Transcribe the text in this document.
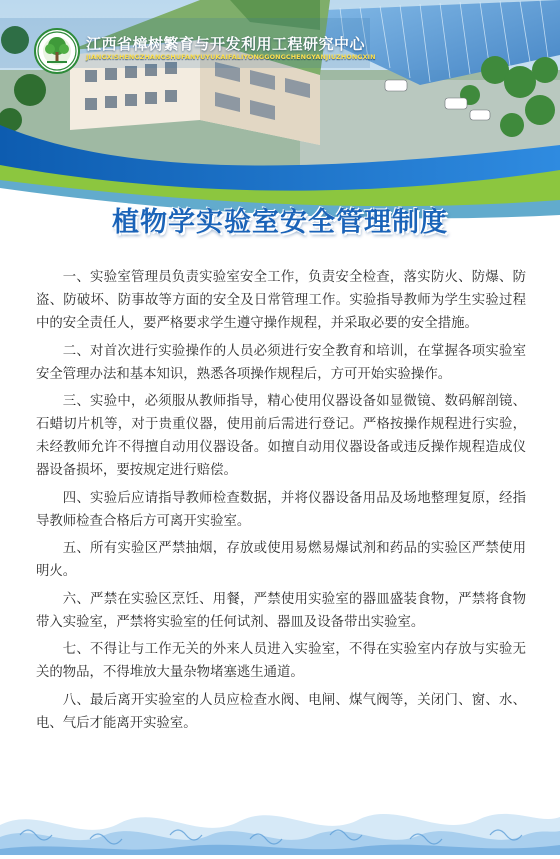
江西省樟树繁育与开发利用工程研究中心
JIANGXISHENGZHANGSHUFANYUYUKAIFALIYONGGONGCHENGYANJIUZHONGXIN
植物学实验室安全管理制度

一、实验室管理员负责实验室安全工作，负责安全检查，落实防火、防爆、防盗、防破坏、防事故等方面的安全及日常管理工作。实验指导教师为学生实验过程中的安全责任人，要严格要求学生遵守操作规程，并采取必要的安全措施。

二、对首次进行实验操作的人员必须进行安全教育和培训，在掌握各项实验室安全管理办法和基本知识，熟悉各项操作规程后，方可开始实验操作。

三、实验中，必须服从教师指导，精心使用仪器设备如显微镜、数码解剖镜、石蜡切片机等，对于贵重仪器，使用前后需进行登记。严格按操作规程进行实验，未经教师允许不得擅自动用仪器设备。如擅自动用仪器设备或违反操作规程造成仪器设备损坏，要按规定进行赔偿。

四、实验后应请指导教师检查数据，并将仪器设备用品及场地整理复原，经指导教师检查合格后方可离开实验室。

五、所有实验区严禁抽烟，存放或使用易燃易爆试剂和药品的实验区严禁使用明火。

六、严禁在实验区烹饪、用餐，严禁使用实验室的器皿盛装食物，严禁将食物带入实验室，严禁将实验室的任何试剂、器皿及设备带出实验室。

七、不得让与工作无关的外来人员进入实验室，不得在实验室内存放与实验无关的物品，不得堆放大量杂物堵塞逃生通道。

八、最后离开实验室的人员应检查水阀、电闸、煤气阀等，关闭门、窗、水、电、气后才能离开实验室。
